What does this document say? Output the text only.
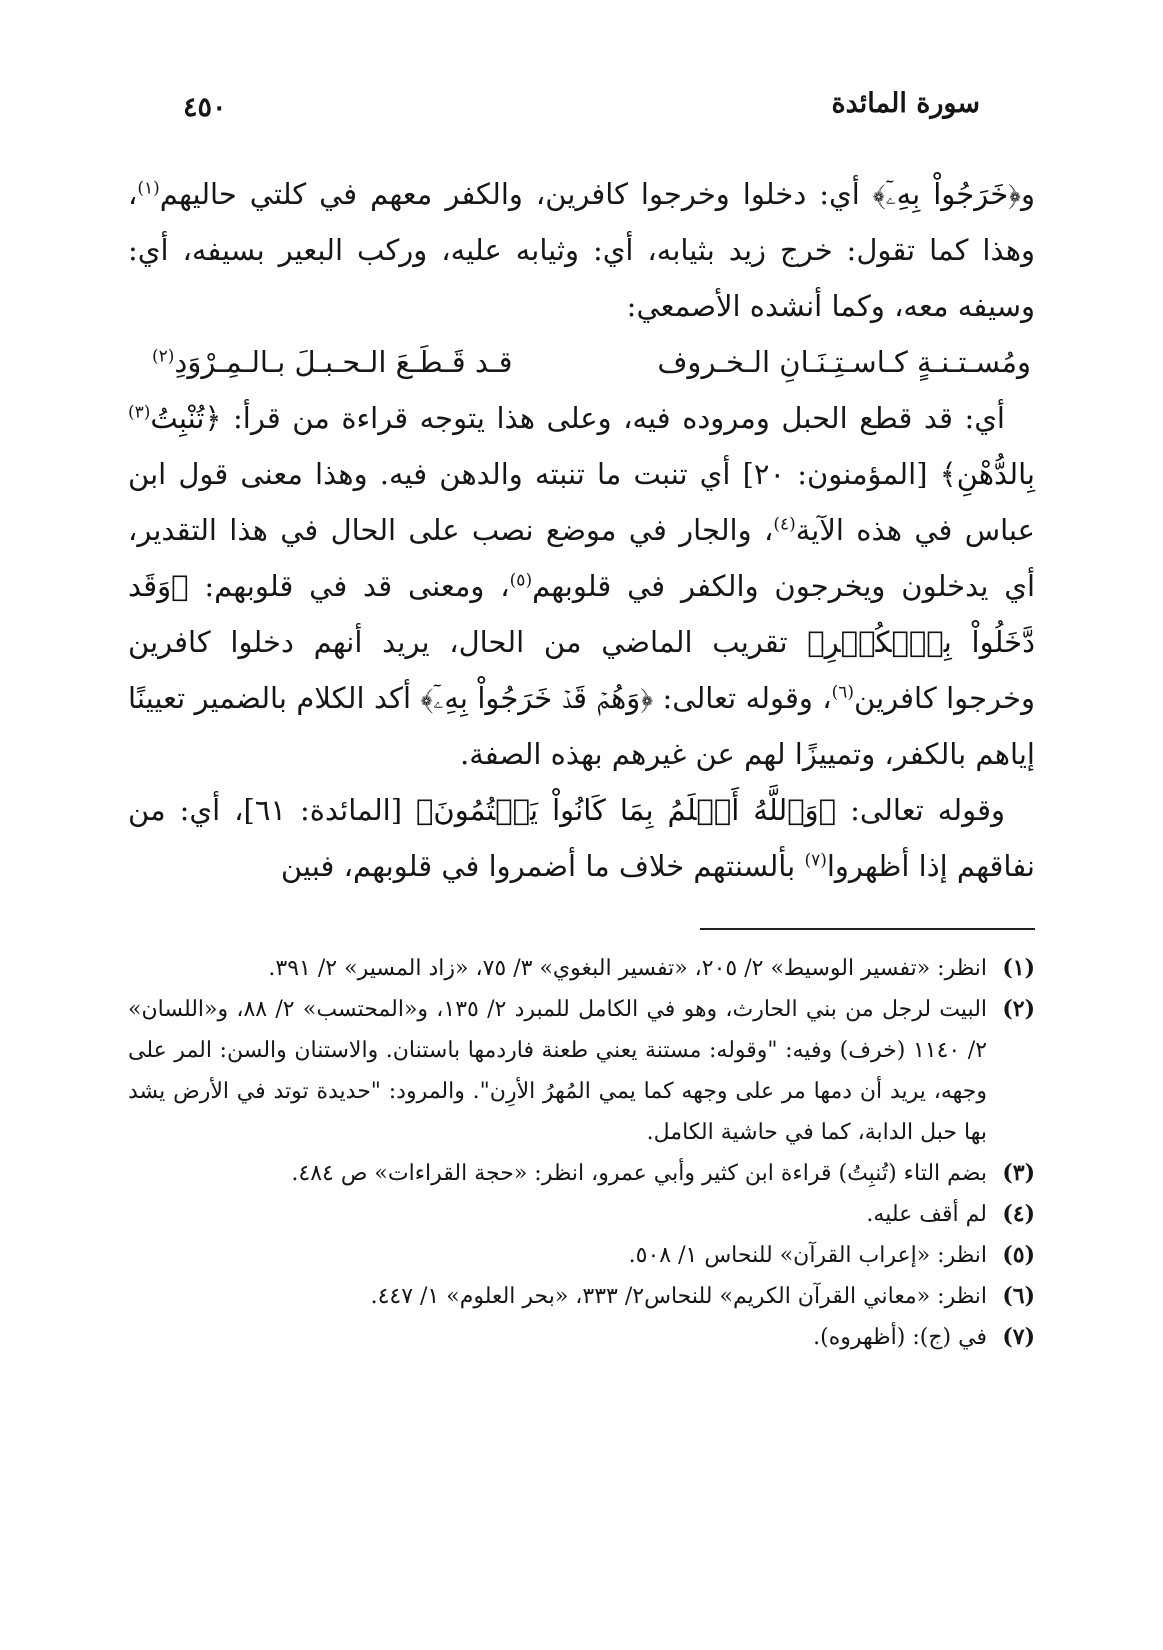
سورة المائدة
٤٥٠

و﴿خَرَجُواْ بِهِۦٓ﴾ أي: دخلوا وخرجوا كافرين، والكفر معهم في كلتي حاليهم$^{(١)}$، وهذا كما تقول: خرج زيد بثيابه، أي: وثيابه عليه، وركب البعير بسيفه، أي: وسيفه معه، وكما أنشده الأصمعي:

ومُسـتـنـةٍ كـاسـتِـنَـانِ الـخـروف
قـد قَـطَـعَ الـحـبـلَ بـالـمِـرْوَدِ$^{(٢)}$

أي: قد قطع الحبل ومروده فيه، وعلى هذا يتوجه قراءة من قرأ: ﴿تُنْبِتُ$^{(٣)}$ بِالدُّهْنِ﴾ [المؤمنون: ٢٠] أي تنبت ما تنبته والدهن فيه. وهذا معنى قول ابن عباس في هذه الآية$^{(٤)}$، والجار في موضع نصب على الحال في هذا التقدير، أي يدخلون ويخرجون والكفر في قلوبهم$^{(٥)}$، ومعنى قد في قلوبهم: ﴿وَقَد دَّخَلُواْ بِٱلۡكُفۡرِ﴾ تقريب الماضي من الحال، يريد أنهم دخلوا كافرين وخرجوا كافرين$^{(٦)}$، وقوله تعالى: ﴿وَهُمۡ قَدۡ خَرَجُواْ بِهِۦٓ﴾ أكد الكلام بالضمير تعيينًا إياهم بالكفر، وتمييزًا لهم عن غيرهم بهذه الصفة.

وقوله تعالى: ﴿وَٱللَّهُ أَعۡلَمُ بِمَا كَانُواْ يَكۡتُمُونَ﴾ [المائدة: ٦١]، أي: من نفاقهم إذا أظهروا$^{(٧)}$ بألسنتهم خلاف ما أضمروا في قلوبهم، فبين

(١)
انظر: «تفسير الوسيط» ٢/ ٢٠٥، «تفسير البغوي» ٣/ ٧٥، «زاد المسير» ٢/ ٣٩١.
(٢)
البيت لرجل من بني الحارث، وهو في الكامل للمبرد ٢/ ١٣٥، و«المحتسب» ٢/ ٨٨، و«اللسان» ٢/ ١١٤٠ (خرف) وفيه: "وقوله: مستنة يعني طعنة فاردمها باستنان. والاستنان والسن: المر على وجهه، يريد أن دمها مر على وجهه كما يمي المُهرُ الأرِن". والمرود: "حديدة توتد في الأرض يشد بها حبل الدابة، كما في حاشية الكامل.
(٣)
بضم التاء (تُنبِتُ) قراءة ابن كثير وأبي عمرو، انظر: «حجة القراءات» ص ٤٨٤.
(٤)
لم أقف عليه.
(٥)
انظر: «إعراب القرآن» للنحاس ١/ ٥٠٨.
(٦)
انظر: «معاني القرآن الكريم» للنحاس٢/ ٣٣٣، «بحر العلوم» ١/ ٤٤٧.
(٧)
في (ج): (أظهروه).
